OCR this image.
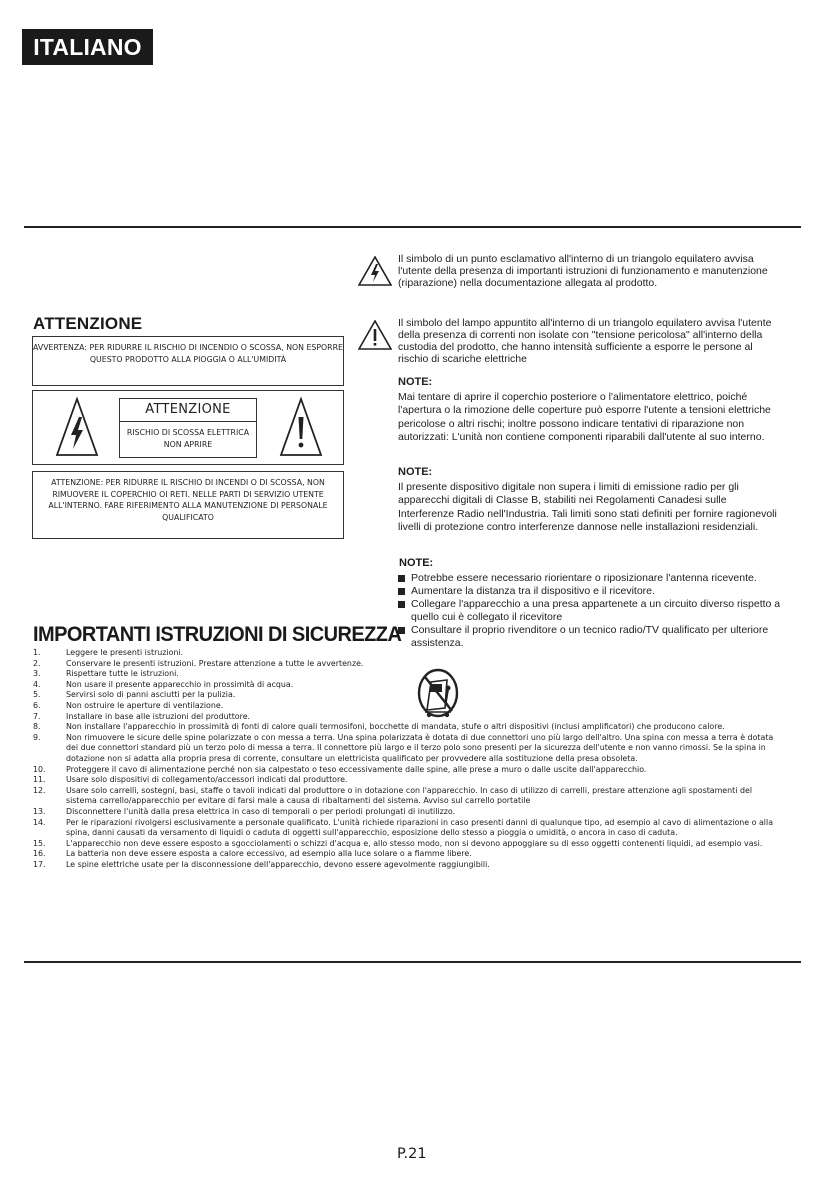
ITALIANO
Il simbolo di un punto esclamativo all'interno di un triangolo equilatero avvisa l'utente della presenza di importanti istruzioni di funzionamento e manutenzione (riparazione) nella documentazione allegata al prodotto.
Il simbolo del lampo appuntito all'interno di un triangolo equilatero avvisa l'utente della presenza di correnti non isolate con "tensione pericolosa" all'interno della custodia del prodotto, che hanno intensità sufficiente a esporre le persone al rischio di scariche elettriche
NOTE:
Mai tentare di aprire il coperchio posteriore o l'alimentatore elettrico, poiché l'apertura o la rimozione delle coperture può esporre l'utente a tensioni elettriche pericolose o altri rischi; inoltre possono indicare tentativi di riparazione non autorizzati: L'unità non contiene componenti riparabili dall'utente al suo interno.
NOTE:
Il presente dispositivo digitale non supera i limiti di emissione radio per gli apparecchi digitali di Classe B, stabiliti nei Regolamenti Canadesi sulle Interferenze Radio nell'Industria. Tali limiti sono stati definiti per fornire ragionevoli livelli di protezione contro interferenze dannose nelle installazioni residenziali.
ATTENZIONE
AVVERTENZA: PER RIDURRE IL RISCHIO DI INCENDIO O SCOSSA, NON ESPORRE QUESTO PRODOTTO ALLA PIOGGIA O ALL'UMIDITÀ
ATTENZIONE
RISCHIO DI SCOSSA ELETTRICA NON APRIRE
ATTENZIONE: PER RIDURRE IL RISCHIO DI INCENDI O DI SCOSSA, NON RIMUOVERE IL COPERCHIO OI RETI. NELLE PARTI DI SERVIZIO UTENTE ALL'INTERNO. FARE RIFERIMENTO ALLA MANUTENZIONE DI PERSONALE QUALIFICATO
NOTE:
Potrebbe essere necessario riorientare o riposizionare l'antenna ricevente.
Aumentare la distanza tra il dispositivo e il ricevitore.
Collegare l'apparecchio a una presa appartenete a un circuito diverso rispetto a quello cui è collegato il ricevitore
Consultare il proprio rivenditore o un tecnico radio/TV qualificato per ulteriore assistenza.
IMPORTANTI ISTRUZIONI DI SICUREZZA
1.	Leggere le presenti istruzioni.
2.	Conservare le presenti istruzioni. Prestare attenzione a tutte le avvertenze.
3.	Rispettare tutte le istruzioni.
4.	Non usare il presente apparecchio in prossimità di acqua.
5.	Servirsi solo di panni asciutti per la pulizia.
6.	Non ostruire le aperture di ventilazione.
7.	Installare in base alle istruzioni del produttore.
8.	Non installare l'apparecchio in prossimità di fonti di calore quali termosifoni, bocchette di mandata, stufe o altri dispositivi (inclusi amplificatori) che producono calore.
9.	Non rimuovere le sicure delle spine polarizzate o con messa a terra. Una spina polarizzata è dotata di due connettori uno più largo dell'altro. Una spina con messa a terra è dotata dei due connettori standard più un terzo polo di messa a terra. Il connettore più largo e il terzo polo sono presenti per la sicurezza dell'utente e non vanno rimossi. Se la spina in dotazione non si adatta alla propria presa di corrente, consultare un elettricista qualificato per provvedere alla sostituzione della presa obsoleta.
10.	Proteggere il cavo di alimentazione perché non sia calpestato o teso eccessivamente dalle spine, alle prese a muro o dalle uscite dall'apparecchio.
11.	Usare solo dispositivi di collegamento/accessori indicati dal produttore.
12.	Usare solo carrelli, sostegni, basi, staffe o tavoli indicati dal produttore o in dotazione con l'apparecchio. In caso di utilizzo di carrelli, prestare attenzione agli spostamenti del sistema carrello/apparecchio per evitare di farsi male a causa di ribaltamenti del sistema. Avviso sul carrello portatile
13.	Disconnettere l'unità dalla presa elettrica in caso di temporali o per periodi prolungati di inutilizzo.
14.	Per le riparazioni rivolgersi esclusivamente a personale qualificato. L'unità richiede riparazioni in caso presenti danni di qualunque tipo, ad esempio al cavo di alimentazione o alla spina, danni causati da versamento di liquidi o caduta di oggetti sull'apparecchio, esposizione dello stesso a pioggia o umidità, o ancora in caso di caduta.
15.	L'apparecchio non deve essere esposto a sgocciolamenti o schizzi d'acqua e, allo stesso modo, non si devono appoggiare su di esso oggetti contenenti liquidi, ad esempio vasi.
16.	La batteria non deve essere esposta a calore eccessivo, ad esempio alla luce solare o a fiamme libere.
17.	Le spine elettriche usate per la disconnessione dell'apparecchio, devono essere agevolmente raggiungibili.
P.21
